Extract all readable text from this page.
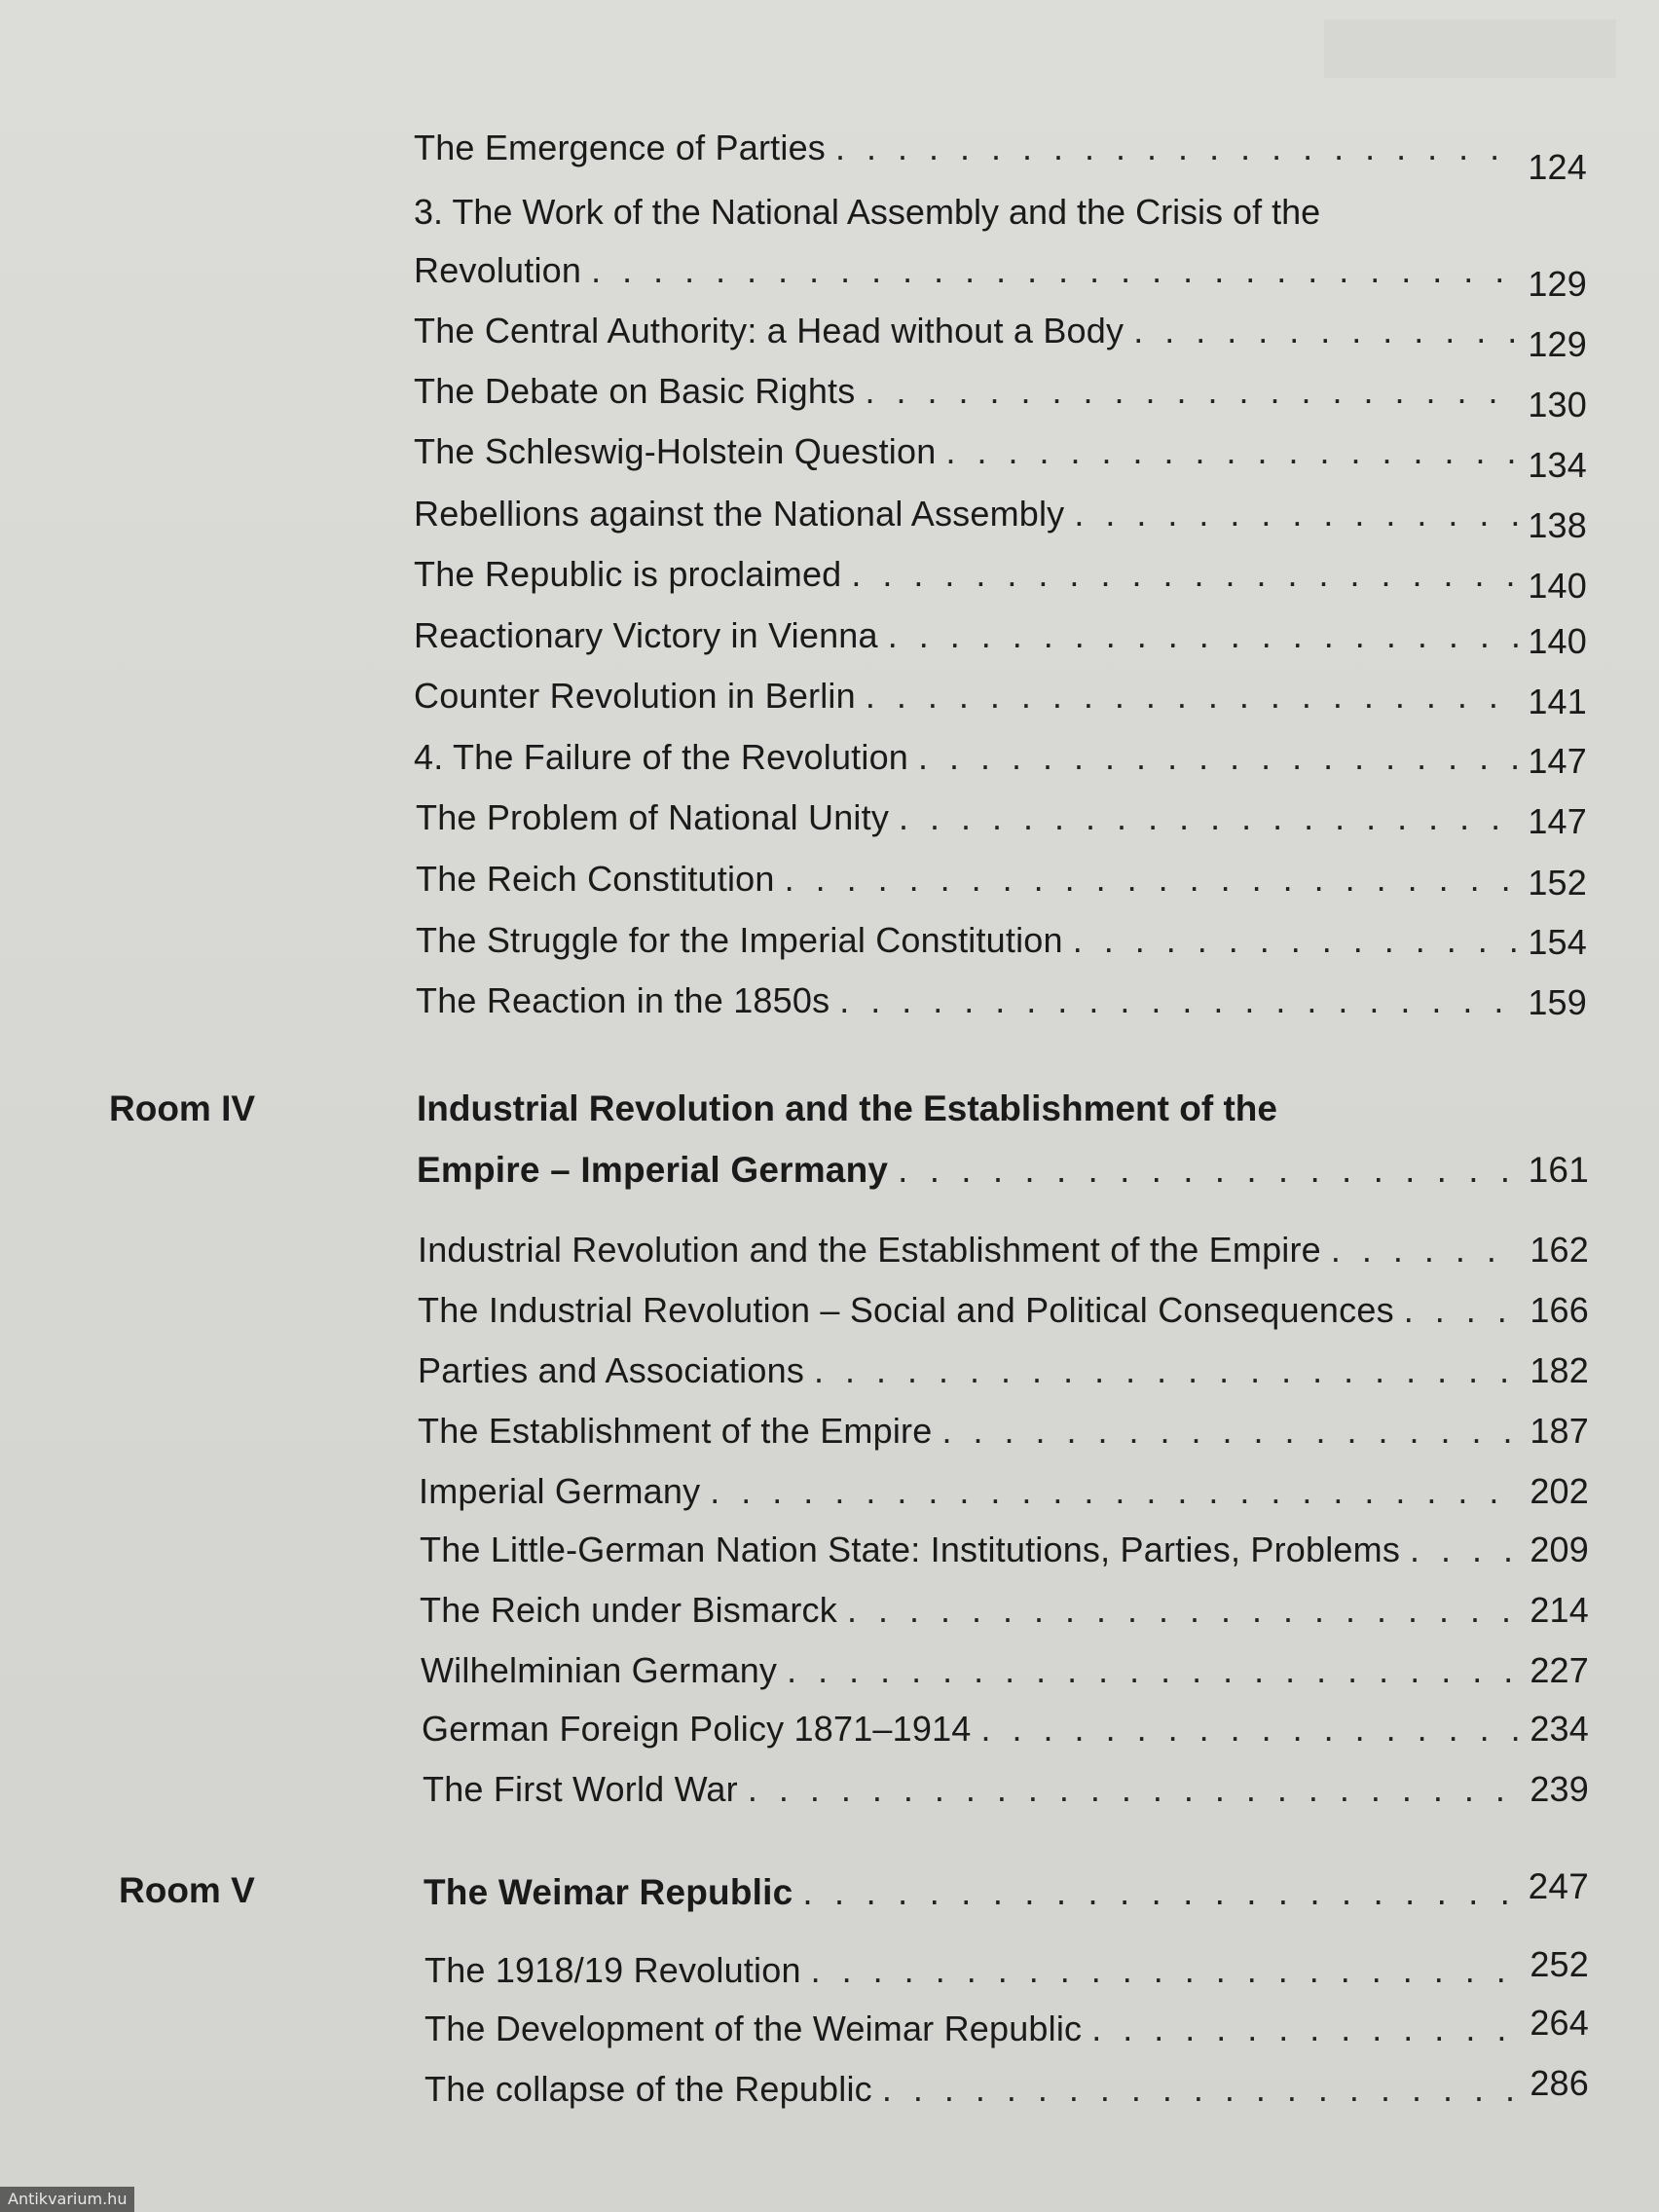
The Emergence of Parties . . .	124
3. The Work of the National Assembly and the Crisis of the
Revolution . . .	129
The Central Authority: a Head without a Body . . .	129
The Debate on Basic Rights . . .	130
The Schleswig-Holstein Question . . .	134
Rebellions against the National Assembly . . .	138
The Republic is proclaimed . . .	140
Reactionary Victory in Vienna . . .	140
Counter Revolution in Berlin . . .	141
4. The Failure of the Revolution . . .	147
The Problem of National Unity . . .	147
The Reich Constitution . . .	152
The Struggle for the Imperial Constitution . . .	154
The Reaction in the 1850s . . .	159
Room IV	Industrial Revolution and the Establishment of the
Empire – Imperial Germany . . .	161
Industrial Revolution and the Establishment of the Empire . . .	162
The Industrial Revolution – Social and Political Consequences . . .	166
Parties and Associations . . .	182
The Establishment of the Empire . . .	187
Imperial Germany . . .	202
The Little-German Nation State: Institutions, Parties, Problems . . .	209
The Reich under Bismarck . . .	214
Wilhelminian Germany . . .	227
German Foreign Policy 1871–1914 . . .	234
The First World War . . .	239
Room V	The Weimar Republic . . .	247
The 1918/19 Revolution . . .	252
The Development of the Weimar Republic . . .	264
The collapse of the Republic . . .	286
Antikvarium.hu
